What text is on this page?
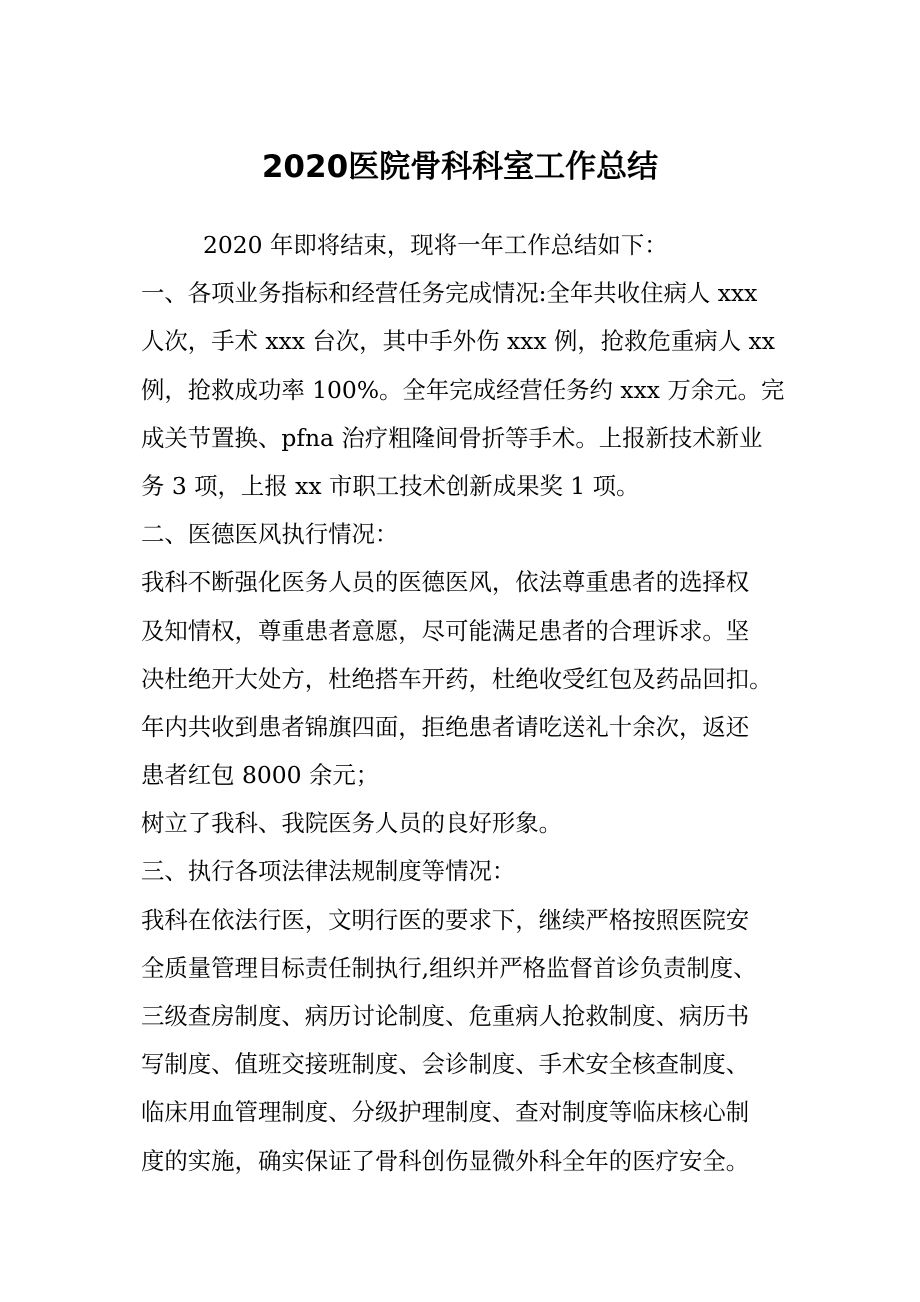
2020医院骨科科室工作总结
2020 年即将结束，现将一年工作总结如下：
一、各项业务指标和经营任务完成情况:全年共收住病人 xxx
人次，手术 xxx 台次，其中手外伤 xxx 例，抢救危重病人 xx
例，抢救成功率 100%。全年完成经营任务约 xxx 万余元。完
成关节置换、pfna 治疗粗隆间骨折等手术。上报新技术新业
务 3 项，上报 xx 市职工技术创新成果奖 1 项。
二、医德医风执行情况：
我科不断强化医务人员的医德医风，依法尊重患者的选择权
及知情权，尊重患者意愿，尽可能满足患者的合理诉求。坚
决杜绝开大处方，杜绝搭车开药，杜绝收受红包及药品回扣。
年内共收到患者锦旗四面，拒绝患者请吃送礼十余次，返还
患者红包 8000 余元；
树立了我科、我院医务人员的良好形象。
三、执行各项法律法规制度等情况：
我科在依法行医，文明行医的要求下，继续严格按照医院安
全质量管理目标责任制执行,组织并严格监督首诊负责制度、
三级查房制度、病历讨论制度、危重病人抢救制度、病历书
写制度、值班交接班制度、会诊制度、手术安全核查制度、
临床用血管理制度、分级护理制度、查对制度等临床核心制
度的实施，确实保证了骨科创伤显微外科全年的医疗安全。
